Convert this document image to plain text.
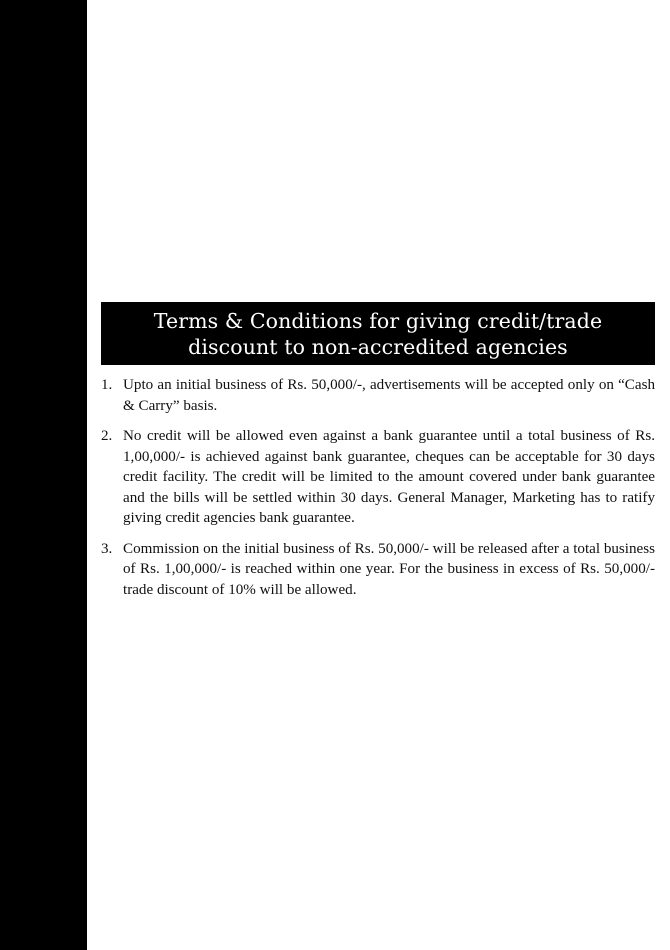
Terms & Conditions for giving credit/trade
discount to non-accredited agencies
1. Upto an initial business of Rs. 50,000/-, advertisements will be accepted only on “Cash & Carry” basis.
2. No credit will be allowed even against a bank guarantee until a total business of Rs. 1,00,000/- is achieved against bank guarantee, cheques can be acceptable for 30 days credit facility. The credit will be limited to the amount covered under bank guarantee and the bills will be settled within 30 days. General Manager, Marketing has to ratify giving credit agencies bank guarantee.
3. Commission on the initial business of Rs. 50,000/- will be released after a total business of Rs. 1,00,000/- is reached within one year. For the business in excess of Rs. 50,000/- trade discount of 10% will be allowed.
